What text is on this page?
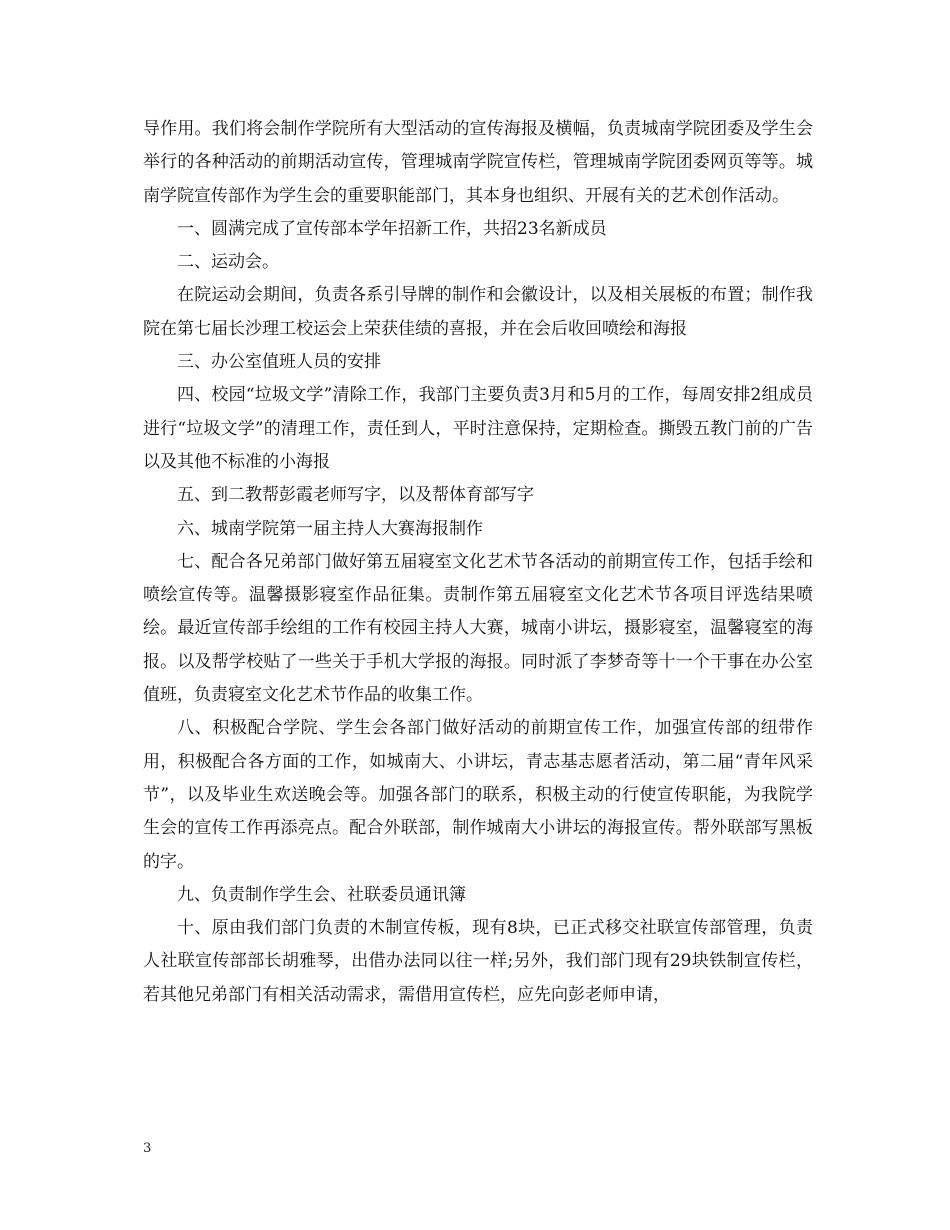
导作用。我们将会制作学院所有大型活动的宣传海报及横幅，负责城南学院团委及学生会举行的各种活动的前期活动宣传，管理城南学院宣传栏，管理城南学院团委网页等等。城南学院宣传部作为学生会的重要职能部门，其本身也组织、开展有关的艺术创作活动。

一、圆满完成了宣传部本学年招新工作，共招23名新成员

二、运动会。

在院运动会期间，负责各系引导牌的制作和会徽设计，以及相关展板的布置；制作我院在第七届长沙理工校运会上荣获佳绩的喜报，并在会后收回喷绘和海报

三、办公室值班人员的安排

四、校园“垃圾文学”清除工作，我部门主要负责3月和5月的工作，每周安排2组成员进行“垃圾文学”的清理工作，责任到人，平时注意保持，定期检查。撕毁五教门前的广告以及其他不标准的小海报

五、到二教帮彭霞老师写字，以及帮体育部写字

六、城南学院第一届主持人大赛海报制作

七、配合各兄弟部门做好第五届寝室文化艺术节各活动的前期宣传工作，包括手绘和喷绘宣传等。温馨摄影寝室作品征集。责制作第五届寝室文化艺术节各项目评选结果喷绘。最近宣传部手绘组的工作有校园主持人大赛，城南小讲坛，摄影寝室，温馨寝室的海报。以及帮学校贴了一些关于手机大学报的海报。同时派了李梦奇等十一个干事在办公室值班，负责寝室文化艺术节作品的收集工作。

八、积极配合学院、学生会各部门做好活动的前期宣传工作，加强宣传部的纽带作用，积极配合各方面的工作，如城南大、小讲坛，青志基志愿者活动，第二届“青年风采节”，以及毕业生欢送晚会等。加强各部门的联系，积极主动的行使宣传职能，为我院学生会的宣传工作再添亮点。配合外联部，制作城南大小讲坛的海报宣传。帮外联部写黑板的字。

九、负责制作学生会、社联委员通讯簿

十、原由我们部门负责的木制宣传板，现有8块，已正式移交社联宣传部管理，负责人社联宣传部部长胡雅琴，出借办法同以往一样;另外，我们部门现有29块铁制宣传栏，若其他兄弟部门有相关活动需求，需借用宣传栏，应先向彭老师申请，

3
